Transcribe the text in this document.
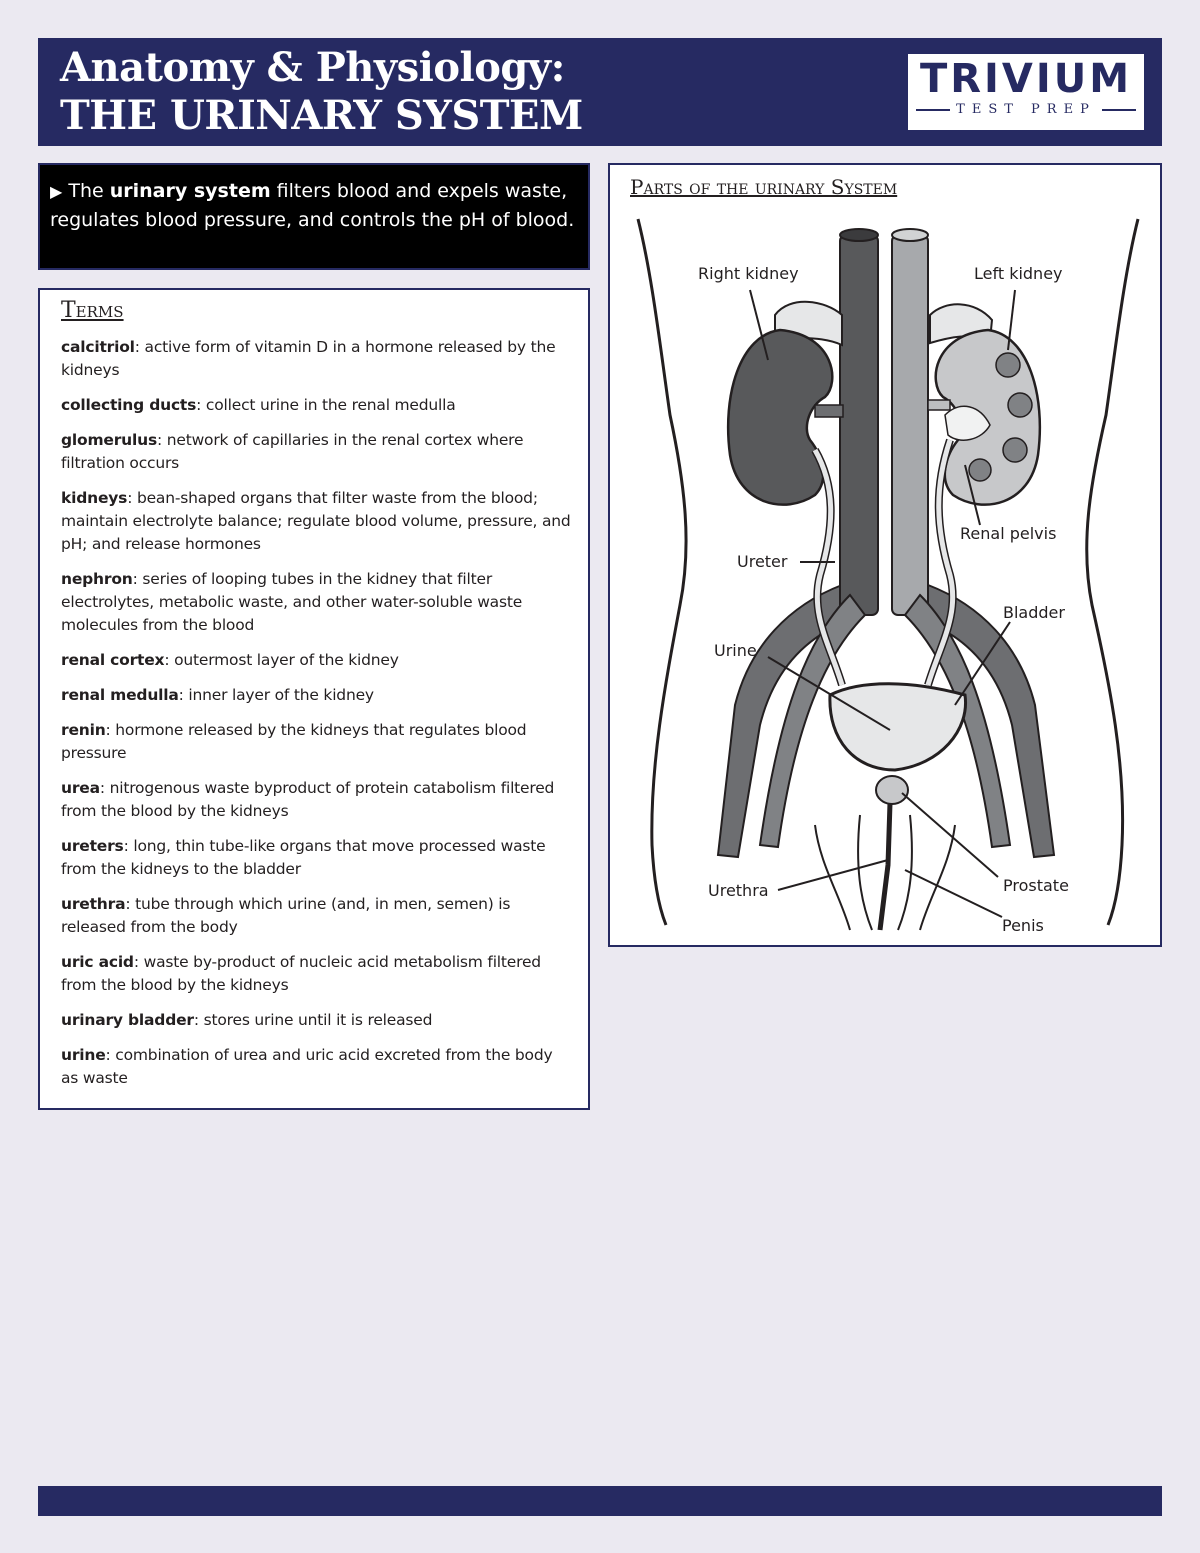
Anatomy & Physiology:
THE URINARY SYSTEM
TRIVIUM
TEST PREP
▶ The urinary system filters blood and expels waste, regulates blood pressure, and controls the pH of blood.
Terms
calcitriol: active form of vitamin D in a hormone released by the kidneys
collecting ducts: collect urine in the renal medulla
glomerulus: network of capillaries in the renal cortex where filtration occurs
kidneys: bean-shaped organs that filter waste from the blood; maintain electrolyte balance; regulate blood volume, pressure, and pH; and release hormones
nephron: series of looping tubes in the kidney that filter electrolytes, metabolic waste, and other water-soluble waste molecules from the blood
renal cortex: outermost layer of the kidney
renal medulla: inner layer of the kidney
renin: hormone released by the kidneys that regulates blood pressure
urea: nitrogenous waste byproduct of protein catabolism filtered from the blood by the kidneys
ureters: long, thin tube-like organs that move processed waste from the kidneys to the bladder
urethra: tube through which urine (and, in men, semen) is released from the body
uric acid: waste by-product of nucleic acid metabolism filtered from the blood by the kidneys
urinary bladder: stores urine until it is released
urine: combination of urea and uric acid excreted from the body as waste
Parts of the urinary System
Right kidney	Left kidney
Renal pelvis
Ureter
Bladder
Urine
Prostate
Urethra
Penis
